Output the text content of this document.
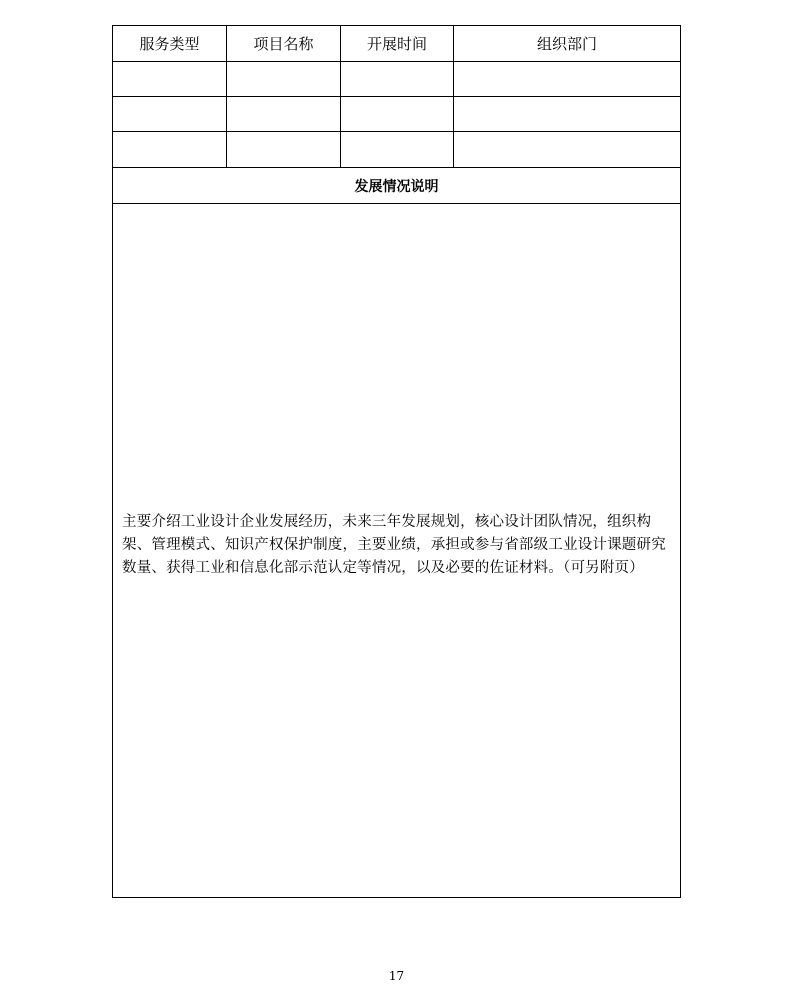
服务类型	项目名称	开展时间	组织部门
发展情况说明
主要介绍工业设计企业发展经历，未来三年发展规划，核心设计团队情况，组织构架、管理模式、知识产权保护制度，主要业绩，承担或参与省部级工业设计课题研究数量、获得工业和信息化部示范认定等情况，以及必要的佐证材料。（可另附页）
17
